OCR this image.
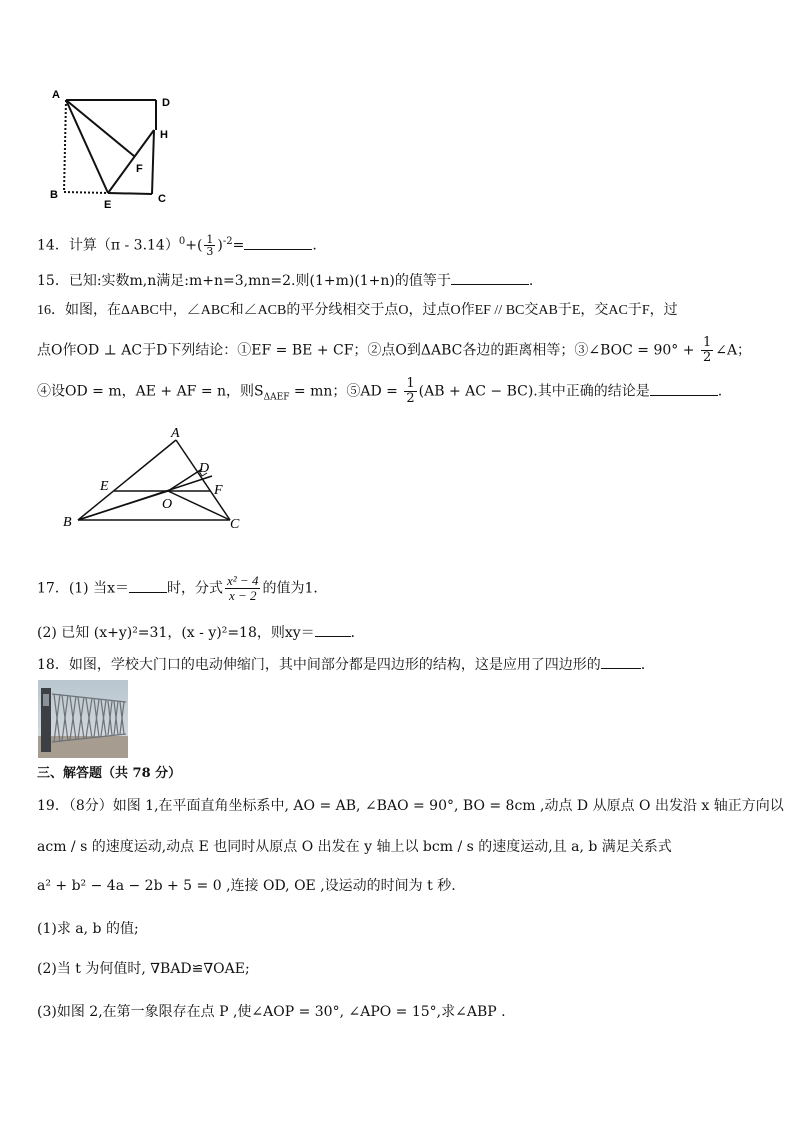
A
D
H
F
B
E	C
14．计算$(\pi - 3.14)^0+( \frac{1}{3} )^{-2}=$	.
15．已知:实数m,n满足:m+n=3,mn=2.则(1+m)(1+n)的值等于	.
16．如图，在ΔABC中，∠ABC和∠ACB的平分线相交于点O，过点O作EF // BC交AB于E，交AC于F，过
点O作OD ⊥ AC于D下列结论：①EF = BE + CF；②点O到ΔABC各边的距离相等；③∠BOC = $90^\circ + \frac{1}{2}$ ∠A；
④设OD = m，AE + AF = n，则$S_{\Delta AEF}$ = mn；⑤AD = $\frac{1}{2} (AB$ + AC − BC).其中正确的结论是	.
A
D
E	F
O
B	C
17．(1) 当x＝	时，分式 $\frac{\text{x² − 4}}{x - 2}$ 的值为1．
(2) 已知 (x+y)²=31，(x - y)²=18，则xy＝	．
18．如图，学校大门口的电动伸缩门，其中间部分都是四边形的结构，这是应用了四边形的	．
三、解答题（共 78 分）
19．（8分）如图 1,在平面直角坐标系中, AO = AB, ∠BAO = 90°, BO = 8cm ,动点 D 从原点 O 出发沿 x 轴正方向以
acm / s 的速度运动,动点 E 也同时从原点 O 出发在 y 轴上以 bcm / s 的速度运动,且 a, b 满足关系式
a² + b² − 4a − 2b + 5 = 0 ,连接 OD, OE ,设运动的时间为 t 秒.
(1)求 a, b 的值;
(2)当 t 为何值时, ∇BAD≌∇OAE;
(3)如图 2,在第一象限存在点 P ,使∠AOP = 30°, ∠APO = 15°,求∠ABP .
